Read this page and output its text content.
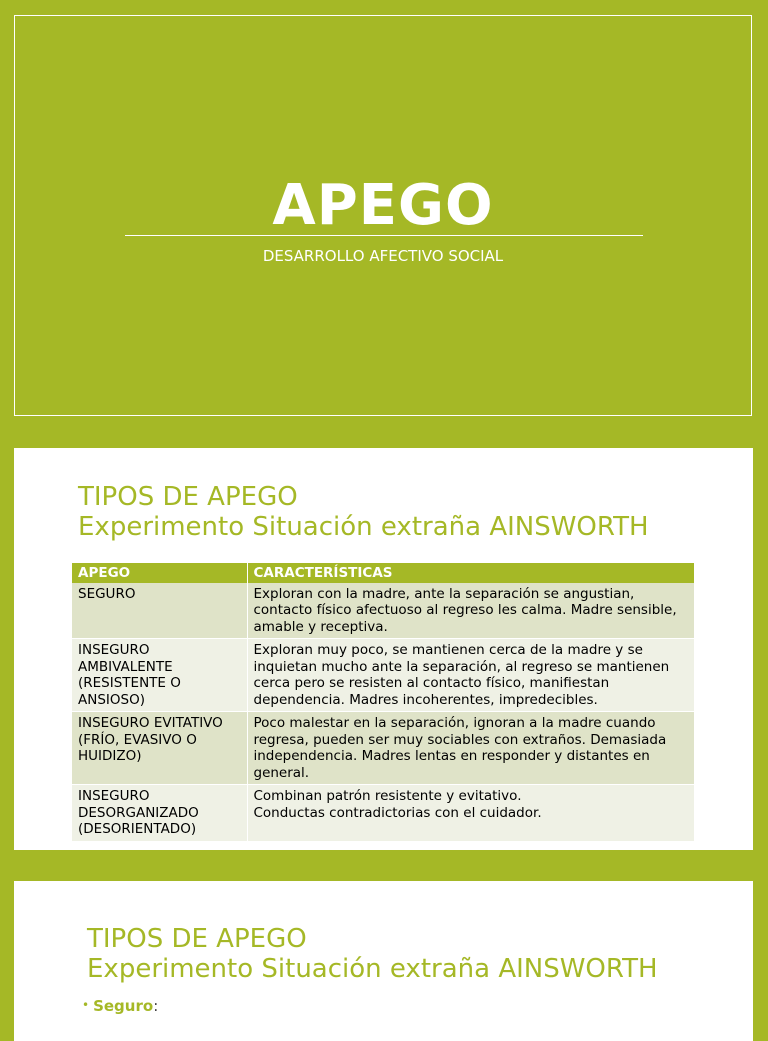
APEGO
DESARROLLO AFECTIVO SOCIAL
TIPOS DE APEGO
Experimento Situación extraña AINSWORTH
APEGO	CARACTERÍSTICAS
SEGURO	Exploran con la madre, ante la separación se angustian, contacto físico afectuoso al regreso les calma. Madre sensible, amable y receptiva.
INSEGURO AMBIVALENTE (RESISTENTE O ANSIOSO)	Exploran muy poco, se mantienen cerca de la madre y se inquietan mucho ante la separación, al regreso se mantienen cerca pero se resisten al contacto físico, manifiestan dependencia. Madres incoherentes, impredecibles.
INSEGURO EVITATIVO (FRÍO, EVASIVO O HUIDIZO)	Poco malestar en la separación, ignoran a la madre cuando regresa, pueden ser muy sociables con extraños. Demasiada independencia. Madres lentas en responder y distantes en general.
INSEGURO DESORGANIZADO (DESORIENTADO)	Combinan patrón resistente y evitativo.
Conductas contradictorias con el cuidador.
TIPOS DE APEGO
Experimento Situación extraña AINSWORTH
• Seguro:
